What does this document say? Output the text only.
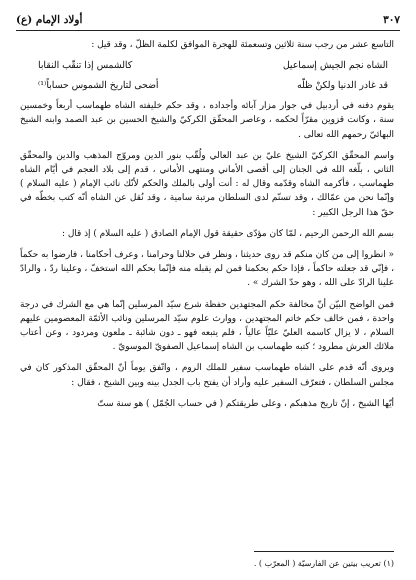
٣٠٧
أولاد الإمام (ع)

التاسع عشر من رجب سنة ثلاثين وتسعمئة للهجرة الموافق لكلمة الظلّ ، وقد قيل :

الشاه نجم الجيش إسماعيل
كالشمس إذا تنقّب النقابا
قد غادر الدنيا ولكنْ ظلّه
أضحى لتاريخ الشموس حساباً⁽¹⁾

يقوم دفنه في أردبيل في جوار مزار آبائه وأجداده ، وقد حكم خليفته الشاه طهماسب أربعاً وخمسين سنة ، وكانت قزوين مقرّاً لحكمه ، وعاصر المحقّق الكركيّ والشيخ الحسين بن عبد الصمد وابنه الشيخ البهائيّ رحمهم الله تعالى .

واسم المحقّق الكركيّ الشيخ عليّ بن عبد العالي ولُقّب بنور الدين ومروّج المذهب والدين والمحقّق الثاني ، بلّغه الله في الجنان إلى أقصى الأماني ومنتهى الأماني ، قدم إلى بلاد العجم في أيّام الشاه طهماسب ، فأكرمه الشاه وقدّمه وقال له : أنت أولى بالملك والحكم لأنّك نائب الإمام ( عليه السلام ) وإنّما نحن من عمّالك ، وقد تسنّم لدى السلطان مرتبة سامية ، وقد نُقل عن الشاه أنّه كتب بخطّه في حقّ هذا الرجل الكبير :

بسم الله الرحمن الرحيم ، لمّا كان مؤدّى حقيقة قول الإمام الصادق ( عليه السلام ) إذ قال :

« انظروا إلى من كان منكم قد روى حديثنا ، ونظر في حلالنا وحرامنا ، وعرف أحكامنا ، فارضوا به حكماً ، فإنّي قد جعلته حاكماً ، فإذا حكم بحكمنا فمن لم يقبله منه فإنّما بحكم الله استخفّ ، وعلينا ردّ ، والرادّ علينا الرادّ على الله ، وهو حدّ الشرك » .

فمن الواضح البيّن أنّ مخالفة حكم المجتهدين حفظة شرع سيّد المرسلين إنّما هي مع الشرك في درجة واحدة ، فمن خالف حكم خاتم المجتهدين ، ووارث علوم سيّد المرسلين ونائب الأئمّة المعصومين عليهم السلام ، لا يزال كاسمه العليّ عليّاً عالياً ، فلم يتبعه فهو ـ دون شائبة ـ ملعون ومردود ، وعن أعتاب ملائك العرش مطرود ؛ كتبه طهماسب بن الشاه إسماعيل الصفويّ الموسويّ .

ويروى أنّه قدم على الشاه طهماسب سفير للملك الروم ، واتّفق يوماً أنّ المحقّق المذكور كان في مجلس السلطان ، فتعرّف السفير عليه وأراد أن يفتح باب الجدل بينه وبين الشيخ ، فقال :

أيّها الشيخ ، إنّ تاريخ مذهبكم ، وعلى طريقتكم ( في حساب الجُمّل ) هو سنة ستّ

(١) تعريب بيتين عن الفارسيّة ( المعرّب ) .
